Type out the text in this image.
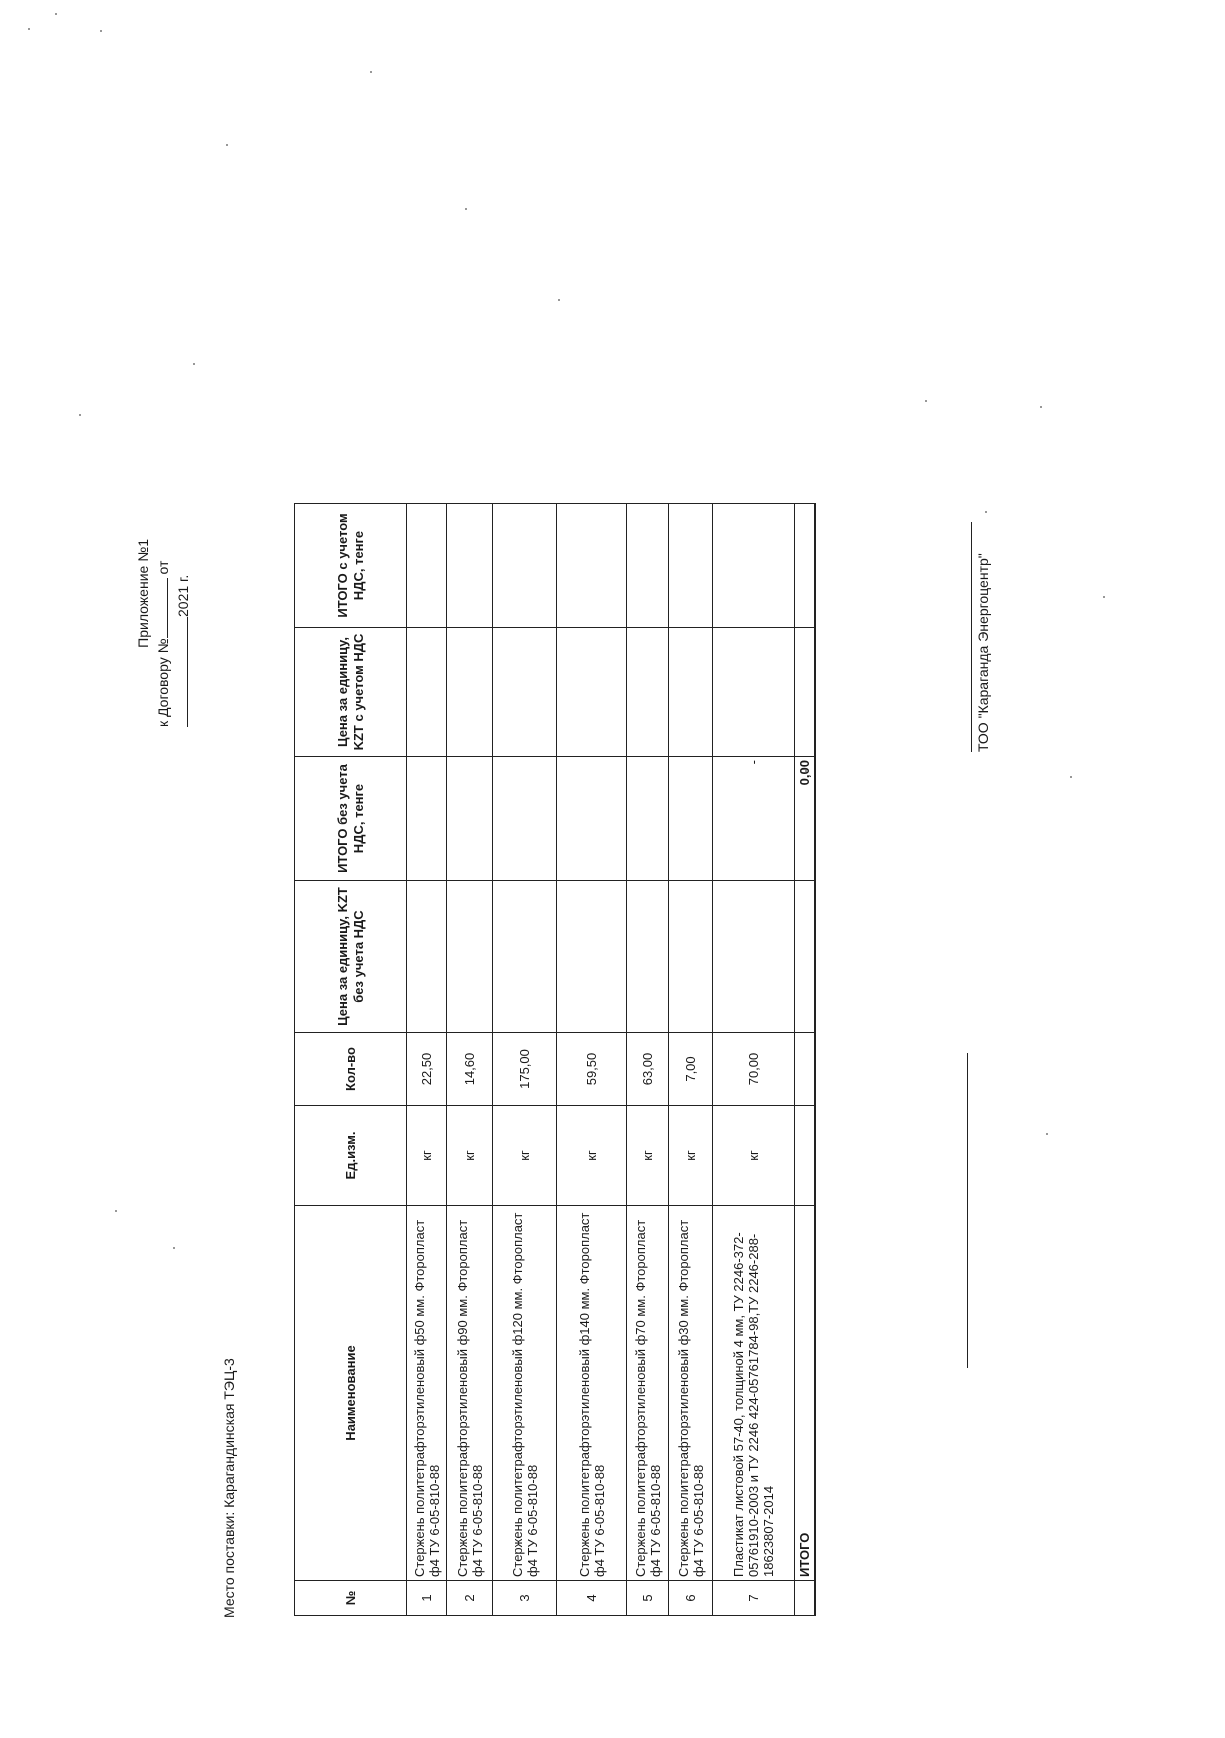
Место поставки: Карагандинская ТЭЦ-3
Приложение №1
к Договору № от
2021 г.
№	Наименование	Ед.изм.	Кол-во	Цена за единицу, KZT без учета НДС	ИТОГО без учета НДС, тенге	Цена за единицу, KZT с учетом НДС	ИТОГО с учетом НДС, тенге
1	Стержень политетрафторэтиленовый ф50 мм. Фторопласт ф4 ТУ 6-05-810-88	кг	22,50				
2	Стержень политетрафторэтиленовый ф90 мм. Фторопласт ф4 ТУ 6-05-810-88	кг	14,60				
3	Стержень политетрафторэтиленовый ф120 мм. Фторопласт ф4 ТУ 6-05-810-88	кг	175,00				
4	Стержень политетрафторэтиленовый ф140 мм. Фторопласт ф4 ТУ 6-05-810-88	кг	59,50				
5	Стержень политетрафторэтиленовый ф70 мм. Фторопласт ф4 ТУ 6-05-810-88	кг	63,00				
6	Стержень политетрафторэтиленовый ф30 мм. Фторопласт ф4 ТУ 6-05-810-88	кг	7,00				
7	Пластикат листовой 57-40, толщиной 4 мм, ТУ 2246-372-05761910-2003 и ТУ 2246 424-05761784-98,ТУ 2246-288-18623807-2014	кг	70,00		-		
	ИТОГО				0,00		
ТОО "Караганда Энергоцентр"
